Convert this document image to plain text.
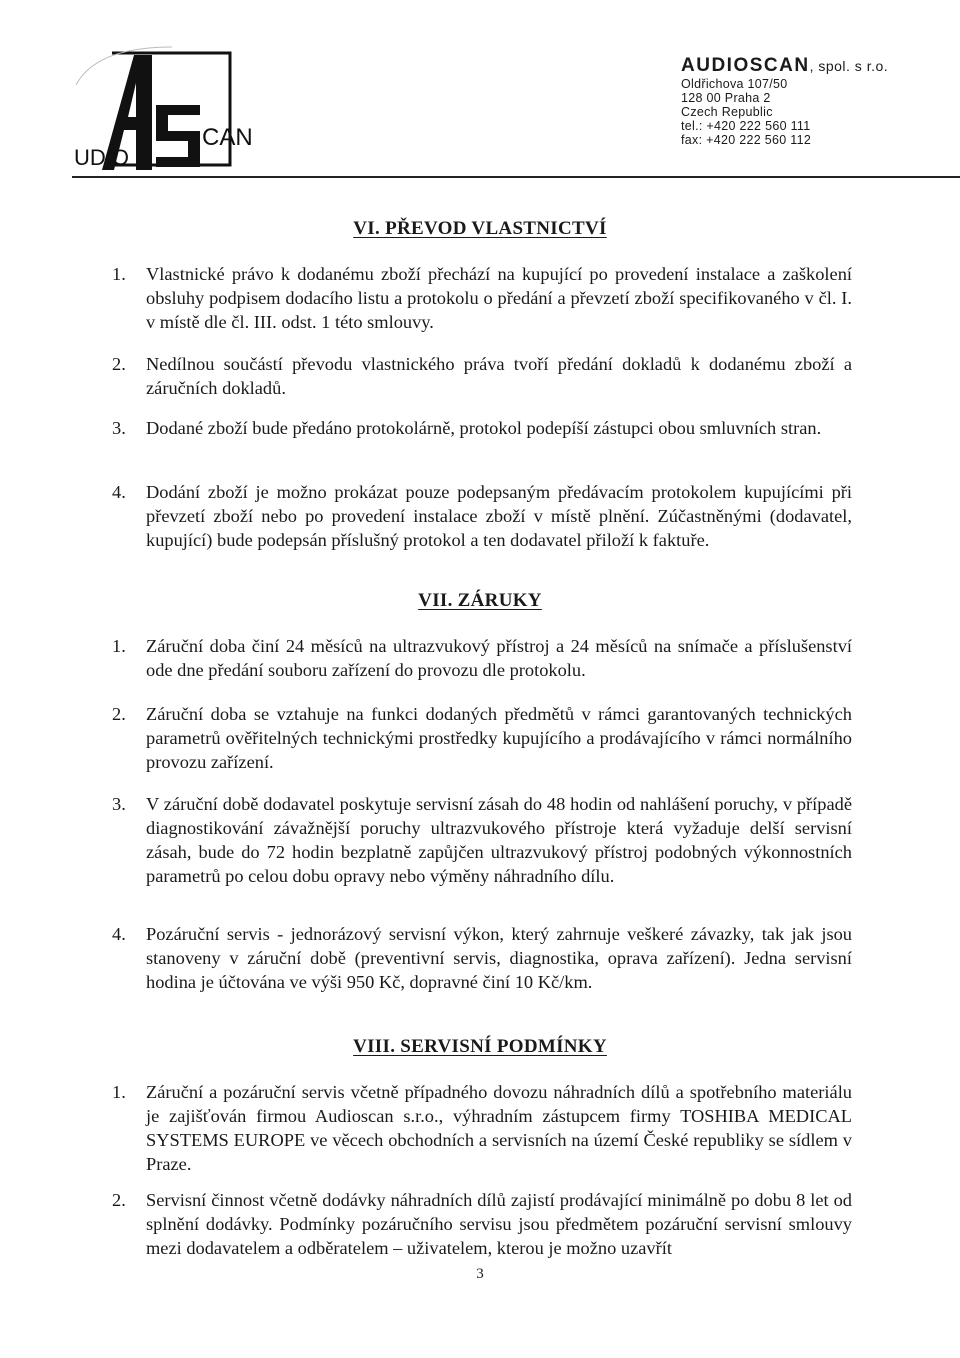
UDIO
CAN
AUDIOSCAN, spol. s r.o.
Oldřichova 107/50
128 00 Praha 2
Czech Republic
tel.: +420 222 560 111
fax: +420 222 560 112
VI. PŘEVOD VLASTNICTVÍ
1. Vlastnické právo k dodanému zboží přechází na kupující po provedení instalace a zaškolení obsluhy podpisem dodacího listu a protokolu o předání a převzetí zboží specifikovaného v čl. I. v místě dle čl. III. odst. 1 této smlouvy.
2. Nedílnou součástí převodu vlastnického práva tvoří předání dokladů k dodanému zboží a záručních dokladů.
3. Dodané zboží bude předáno protokolárně, protokol podepíší zástupci obou smluvních stran.
4. Dodání zboží je možno prokázat pouze podepsaným předávacím protokolem kupujícími při převzetí zboží nebo po provedení instalace zboží v místě plnění. Zúčastněnými (dodavatel, kupující) bude podepsán příslušný protokol a ten dodavatel přiloží k faktuře.
VII. ZÁRUKY
1. Záruční doba činí 24 měsíců na ultrazvukový přístroj a 24 měsíců na snímače a příslušenství ode dne předání souboru zařízení do provozu dle protokolu.
2. Záruční doba se vztahuje na funkci dodaných předmětů v rámci garantovaných technických parametrů ověřitelných technickými prostředky kupujícího a prodávajícího v rámci normálního provozu zařízení.
3. V záruční době dodavatel poskytuje servisní zásah do 48 hodin od nahlášení poruchy, v případě diagnostikování závažnější poruchy ultrazvukového přístroje která vyžaduje delší servisní zásah, bude do 72 hodin bezplatně zapůjčen ultrazvukový přístroj podobných výkonnostních parametrů po celou dobu opravy nebo výměny náhradního dílu.
4. Pozáruční servis - jednorázový servisní výkon, který zahrnuje veškeré závazky, tak jak jsou stanoveny v záruční době (preventivní servis, diagnostika, oprava zařízení). Jedna servisní hodina je účtována ve výši 950 Kč, dopravné činí 10 Kč/km.
VIII. SERVISNÍ PODMÍNKY
1. Záruční a pozáruční servis včetně případného dovozu náhradních dílů a spotřebního materiálu je zajišťován firmou Audioscan s.r.o., výhradním zástupcem firmy TOSHIBA MEDICAL SYSTEMS EUROPE ve věcech obchodních a servisních na území České republiky se sídlem v Praze.
2. Servisní činnost včetně dodávky náhradních dílů zajistí prodávající minimálně po dobu 8 let od splnění dodávky. Podmínky pozáručního servisu jsou předmětem pozáruční servisní smlouvy mezi dodavatelem a odběratelem – uživatelem, kterou je možno uzavřít
3
